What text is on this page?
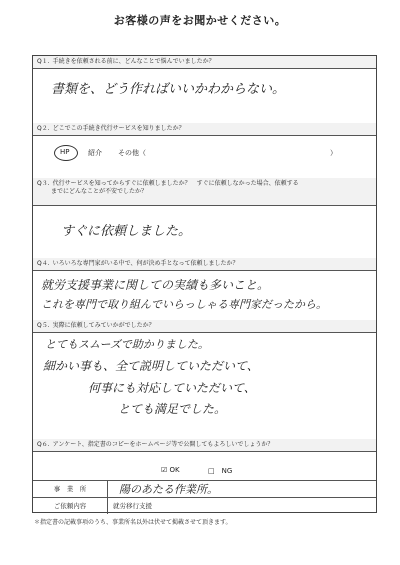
お客様の声をお聞かせください。
Q１. 手続きを依頼される前に、どんなことで悩んでいましたか？
書類を、どう作ればいいかわからない。
Q２. どこでこの手続き代行サービスを知りましたか？
HP	紹介 その他（	）
Q３. 代行サービスを知ってからすぐに依頼しましたか？　すぐに依頼しなかった場合、依頼する
までにどんなことが不安でしたか？
すぐに依頼しました。
Q４. いろいろな専門家がいる中で、何が決め手となって依頼しましたか？
就労支援事業に関しての実績も多いこと。
これを専門で取り組んでいらっしゃる専門家だったから。
Q５. 実際に依頼してみていかがでしたか？
とてもスムーズで助かりました。
細かい事も、全て説明していただいて、
何事にも対応していただいて、
とても満足でした。
Q６. アンケート、指定書のコピーをホームページ等で公開してもよろしいでしょうか？
☑ OK	□　NG
事　業　所	陽のあたる作業所。
ご依頼内容	就労移行支援
＊指定書の記載事項のうち、事業所名以外は伏せて掲載させて頂きます。
